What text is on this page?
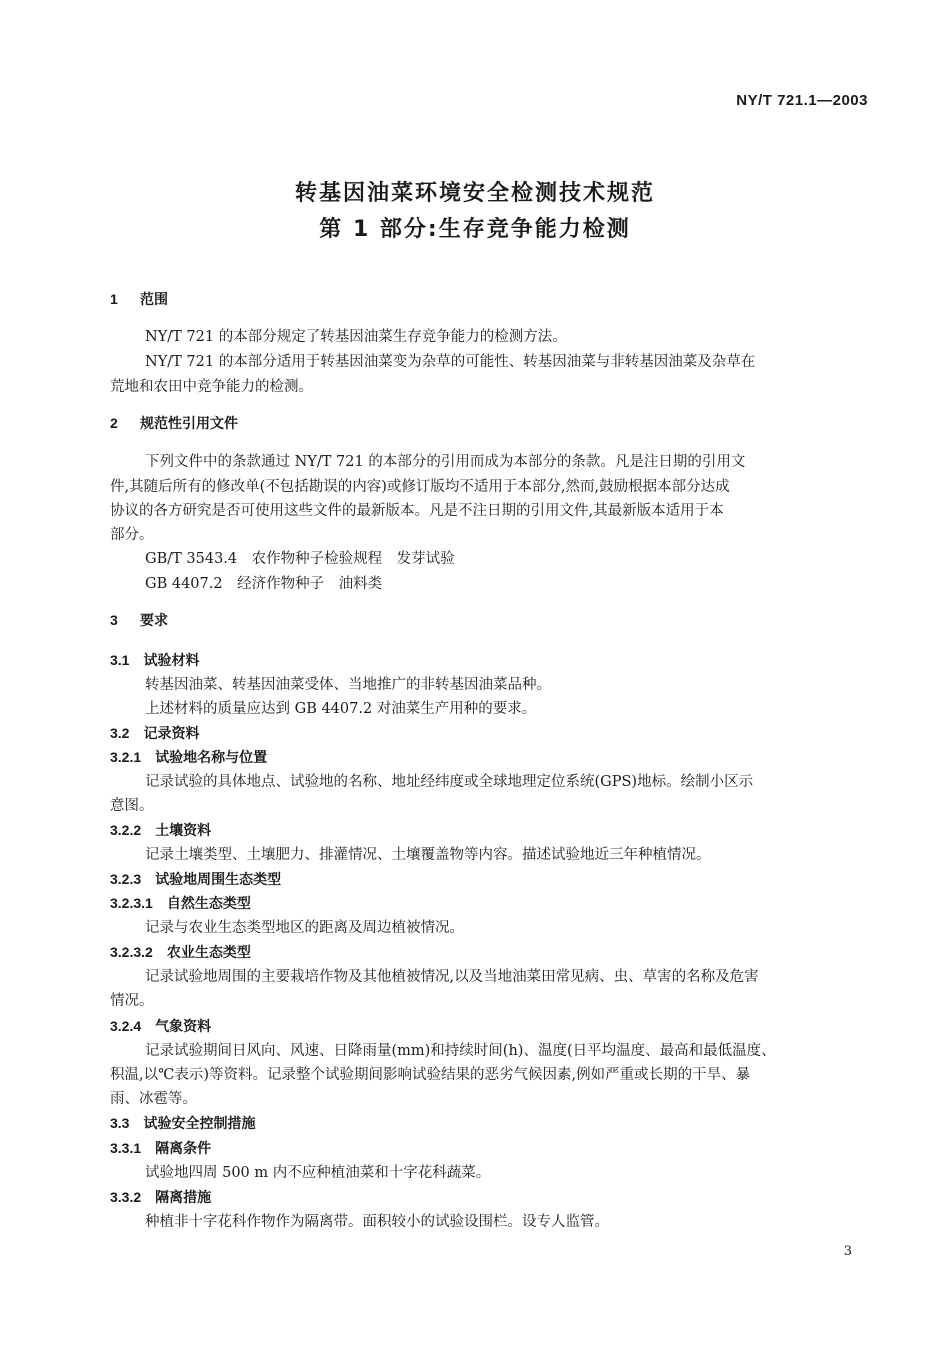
NY/T 721.1—2003
转基因油菜环境安全检测技术规范
第 1 部分:生存竞争能力检测
1 范围
NY/T 721 的本部分规定了转基因油菜生存竞争能力的检测方法。
NY/T 721 的本部分适用于转基因油菜变为杂草的可能性、转基因油菜与非转基因油菜及杂草在
荒地和农田中竞争能力的检测。
2 规范性引用文件
下列文件中的条款通过 NY/T 721 的本部分的引用而成为本部分的条款。凡是注日期的引用文
件,其随后所有的修改单(不包括勘误的内容)或修订版均不适用于本部分,然而,鼓励根据本部分达成
协议的各方研究是否可使用这些文件的最新版本。凡是不注日期的引用文件,其最新版本适用于本
部分。
GB/T 3543.4　农作物种子检验规程　发芽试验
GB 4407.2　经济作物种子　油料类
3 要求
3.1 试验材料
转基因油菜、转基因油菜受体、当地推广的非转基因油菜品种。
上述材料的质量应达到 GB 4407.2 对油菜生产用种的要求。
3.2 记录资料
3.2.1 试验地名称与位置
记录试验的具体地点、试验地的名称、地址经纬度或全球地理定位系统(GPS)地标。绘制小区示
意图。
3.2.2 土壤资料
记录土壤类型、土壤肥力、排灌情况、土壤覆盖物等内容。描述试验地近三年种植情况。
3.2.3 试验地周围生态类型
3.2.3.1 自然生态类型
记录与农业生态类型地区的距离及周边植被情况。
3.2.3.2 农业生态类型
记录试验地周围的主要栽培作物及其他植被情况,以及当地油菜田常见病、虫、草害的名称及危害
情况。
3.2.4 气象资料
记录试验期间日风向、风速、日降雨量(mm)和持续时间(h)、温度(日平均温度、最高和最低温度、
积温,以℃表示)等资料。记录整个试验期间影响试验结果的恶劣气候因素,例如严重或长期的干旱、暴
雨、冰雹等。
3.3 试验安全控制措施
3.3.1 隔离条件
试验地四周 500 m 内不应种植油菜和十字花科蔬菜。
3.3.2 隔离措施
种植非十字花科作物作为隔离带。面积较小的试验设围栏。设专人监管。
3
